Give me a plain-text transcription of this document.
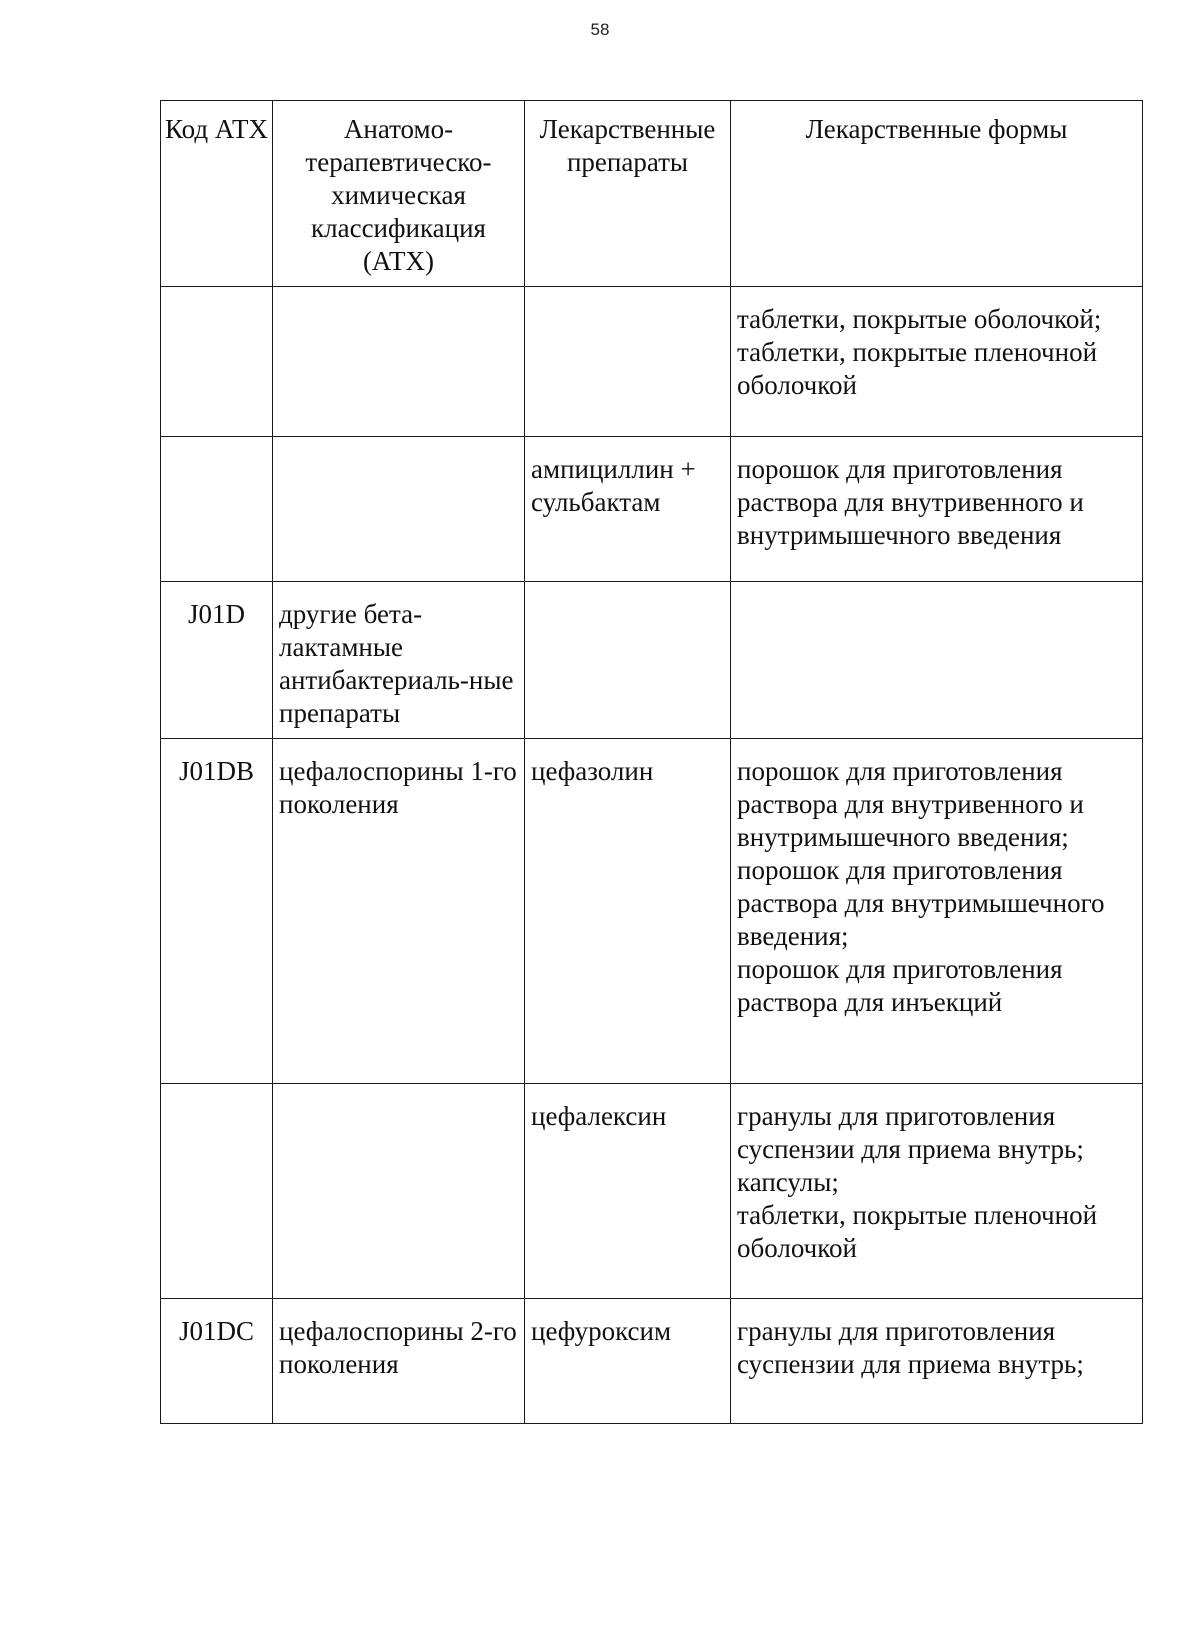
58
Код АТХ	Анатомо-терапевтическо-химическая классификация (АТХ)	Лекарственные препараты	Лекарственные формы
			таблетки, покрытые оболочкой;
таблетки, покрытые пленочной оболочкой
		ампициллин + сульбактам	порошок для приготовления раствора для внутривенного и внутримышечного введения
J01D	другие бета-лактамные антибактериаль-ные препараты		
J01DB	цефалоспорины 1-го поколения	цефазолин	порошок для приготовления раствора для внутривенного и внутримышечного введения;
порошок для приготовления раствора для внутримышечного введения;
порошок для приготовления раствора для инъекций
		цефалексин	гранулы для приготовления суспензии для приема внутрь;
капсулы;
таблетки, покрытые пленочной оболочкой
J01DC	цефалоспорины 2-го поколения	цефуроксим	гранулы для приготовления суспензии для приема внутрь;
